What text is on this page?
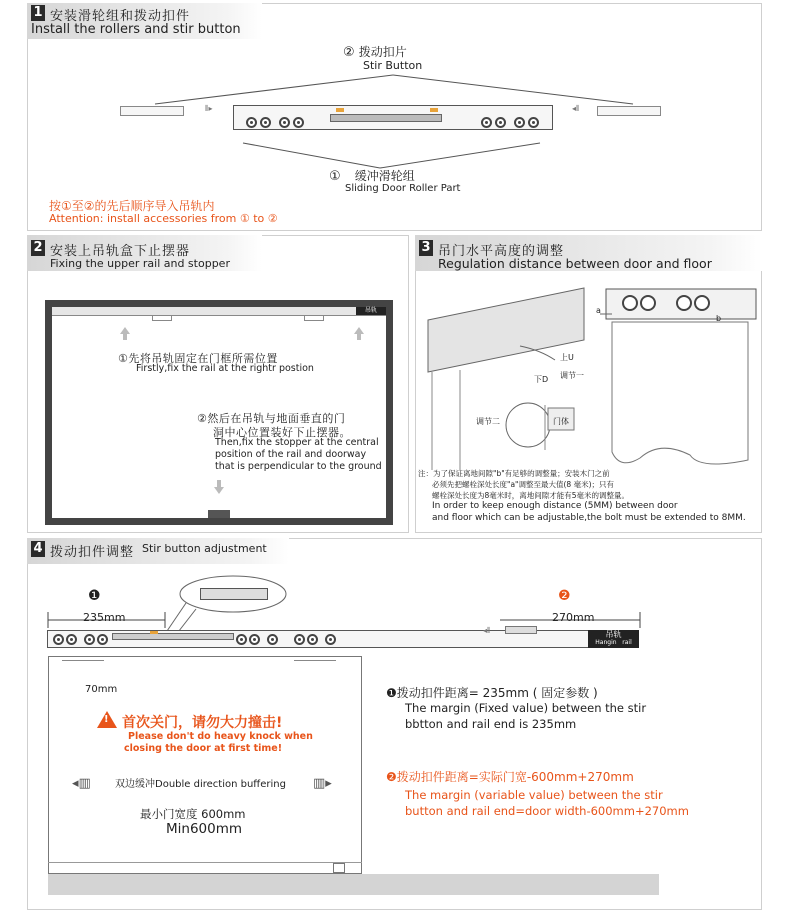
1 安装滑轮组和拨动扣件
Install the rollers and stir button
② 拨动扣片
Stir Button
⦀▸	◂⦀
① 缓冲滑轮组
Sliding Door Roller Part
按①至②的先后顺序导入吊轨内
Attention: install accessories from ① to ②
2 安装上吊轨盒下止摆器
Fixing the upper rail and stopper
吊轨
①先将吊轨固定在门框所需位置
Firstly,fix the rail at the rightr postion
②然后在吊轨与地面垂直的门
洞中心位置装好下止摆器。
Then,fix the stopper at the central
position of the rail and doorway
that is perpendicular to the ground
3 吊门水平高度的调整
Regulation distance between door and floor
a
b
上U
下D 调节一
调节二	门体
注：为了保证离地间隙"b"有足够的调整量；安装木门之前
必须先把螺栓深处长度"a"调整至最大值(8 毫米)；只有
螺栓深处长度为8毫米时，离地间隙才能有5毫米的调整量。
In order to keep enough distance (5MM) between door
and floor which can be adjustable,the bolt must be extended to 8MM.
4 拨动扣件调整 Stir button adjustment
❶	❷
235mm	270mm
吊轨
Hangin   rail
◂⦀
70mm
! 首次关门，请勿大力撞击!
Please don't do heavy knock when
closing the door at first time!
◂▥ 双边缓冲Double direction buffering ▥▸
最小门宽度 600mm
Min600mm
❶拨动扣件距离= 235mm ( 固定参数 )
The margin (Fixed value) between the stir
bbtton and rail end is 235mm
❷拨动扣件距离=实际门宽-600mm+270mm
The margin (variable value) between the stir
button and rail end=door width-600mm+270mm
